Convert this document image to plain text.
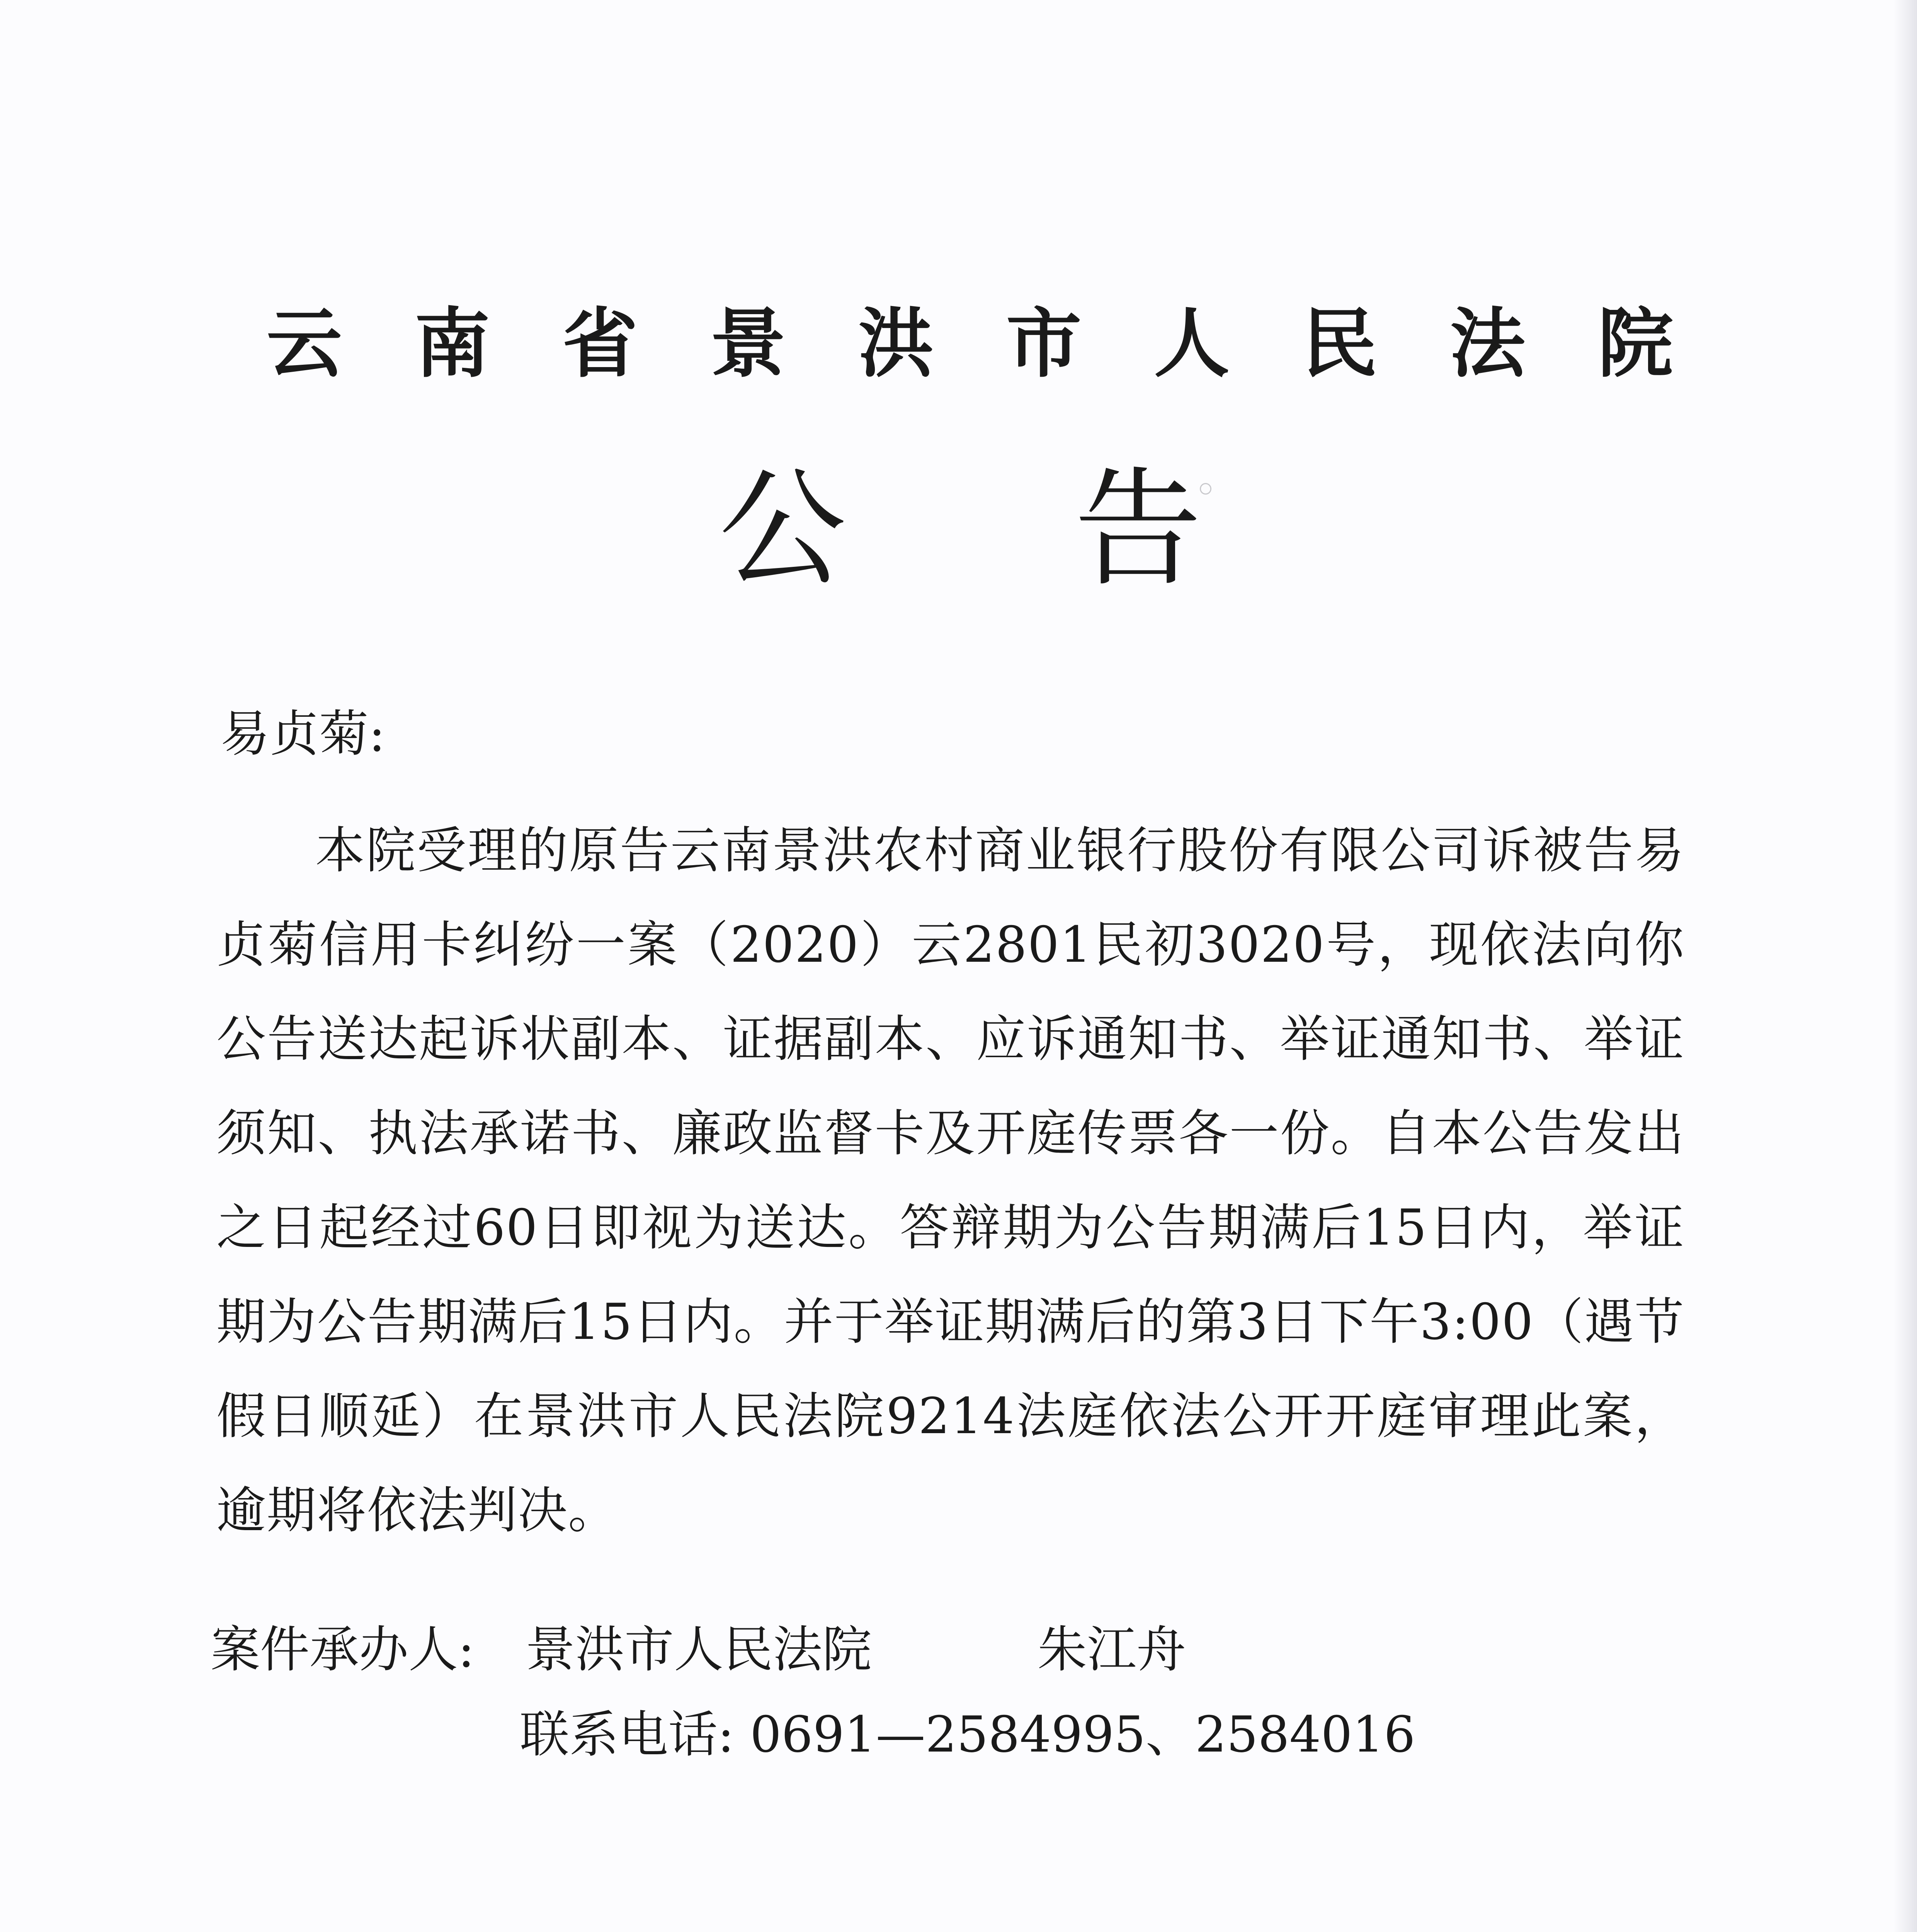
云 南 省 景 洪 市 人 民 法 院
公 告
易贞菊:
本院受理的原告云南景洪农村商业银行股份有限公司诉被告易贞菊信用卡纠纷一案（2020）云2801民初3020号，现依法向你公告送达起诉状副本、证据副本、应诉通知书、举证通知书、举证须知、执法承诺书、廉政监督卡及开庭传票各一份。自本公告发出之日起经过60日即视为送达。答辩期为公告期满后15日内，举证期为公告期满后15日内。并于举证期满后的第3日下午3:00（遇节假日顺延）在景洪市人民法院9214法庭依法公开开庭审理此案，逾期将依法判决。
案件承办人: 景洪市人民法院	朱江舟
联系电话: 0691—2584995、2584016
